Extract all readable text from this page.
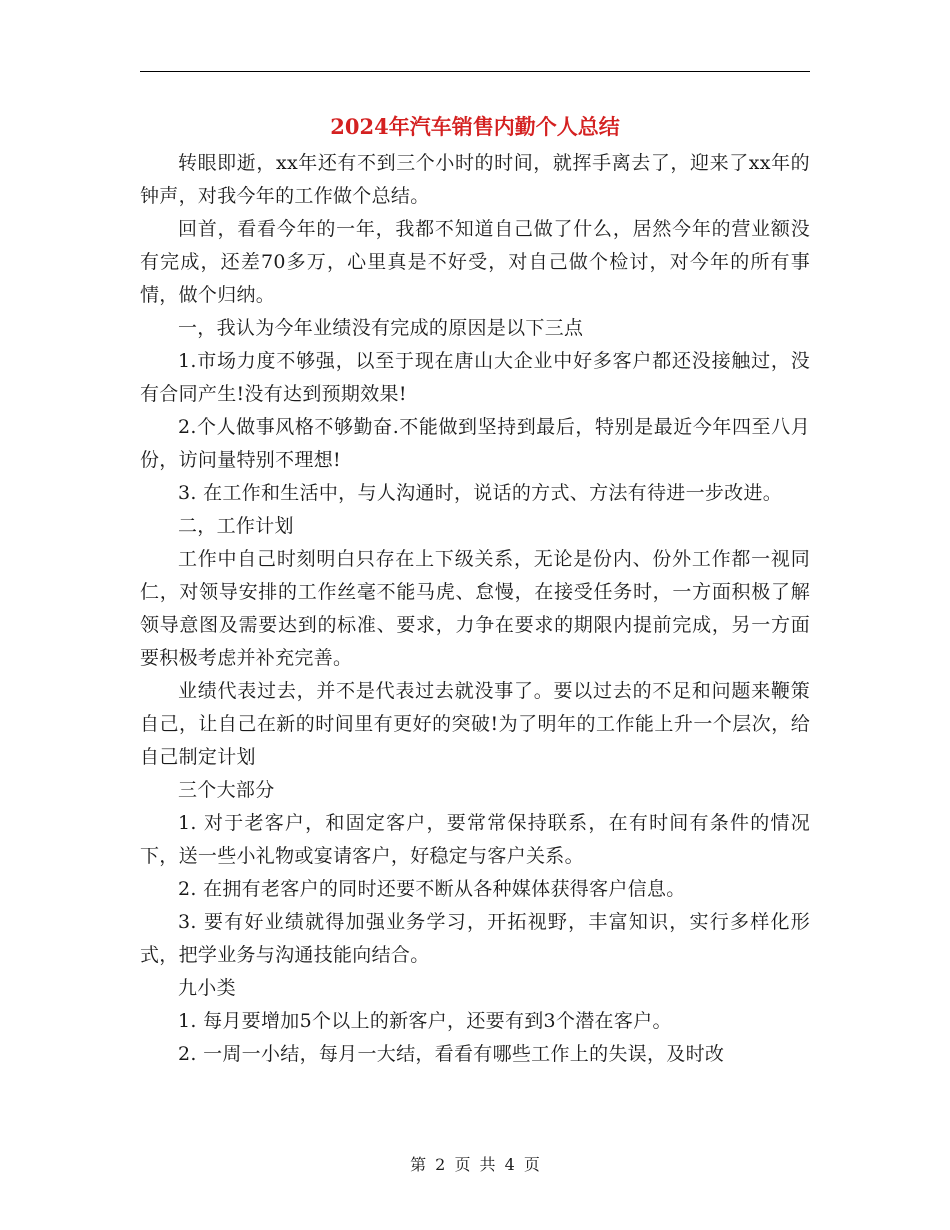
2024年汽车销售内勤个人总结

转眼即逝，xx年还有不到三个小时的时间，就挥手离去了，迎来了xx年的钟声，对我今年的工作做个总结。

回首，看看今年的一年，我都不知道自己做了什么，居然今年的营业额没有完成，还差70多万，心里真是不好受，对自己做个检讨，对今年的所有事情，做个归纳。

一，我认为今年业绩没有完成的原因是以下三点

1.市场力度不够强，以至于现在唐山大企业中好多客户都还没接触过，没有合同产生!没有达到预期效果!

2.个人做事风格不够勤奋.不能做到坚持到最后，特别是最近今年四至八月份，访问量特别不理想!

3. 在工作和生活中，与人沟通时，说话的方式、方法有待进一步改进。

二，工作计划

工作中自己时刻明白只存在上下级关系，无论是份内、份外工作都一视同仁，对领导安排的工作丝毫不能马虎、怠慢，在接受任务时，一方面积极了解领导意图及需要达到的标准、要求，力争在要求的期限内提前完成，另一方面要积极考虑并补充完善。

业绩代表过去，并不是代表过去就没事了。要以过去的不足和问题来鞭策自己，让自己在新的时间里有更好的突破!为了明年的工作能上升一个层次，给自己制定计划

三个大部分

1. 对于老客户，和固定客户，要常常保持联系，在有时间有条件的情况下，送一些小礼物或宴请客户，好稳定与客户关系。

2. 在拥有老客户的同时还要不断从各种媒体获得客户信息。

3. 要有好业绩就得加强业务学习，开拓视野，丰富知识，实行多样化形式，把学业务与沟通技能向结合。

九小类

1. 每月要增加5个以上的新客户，还要有到3个潜在客户。

2. 一周一小结，每月一大结，看看有哪些工作上的失误，及时改

第 2 页 共 4 页
